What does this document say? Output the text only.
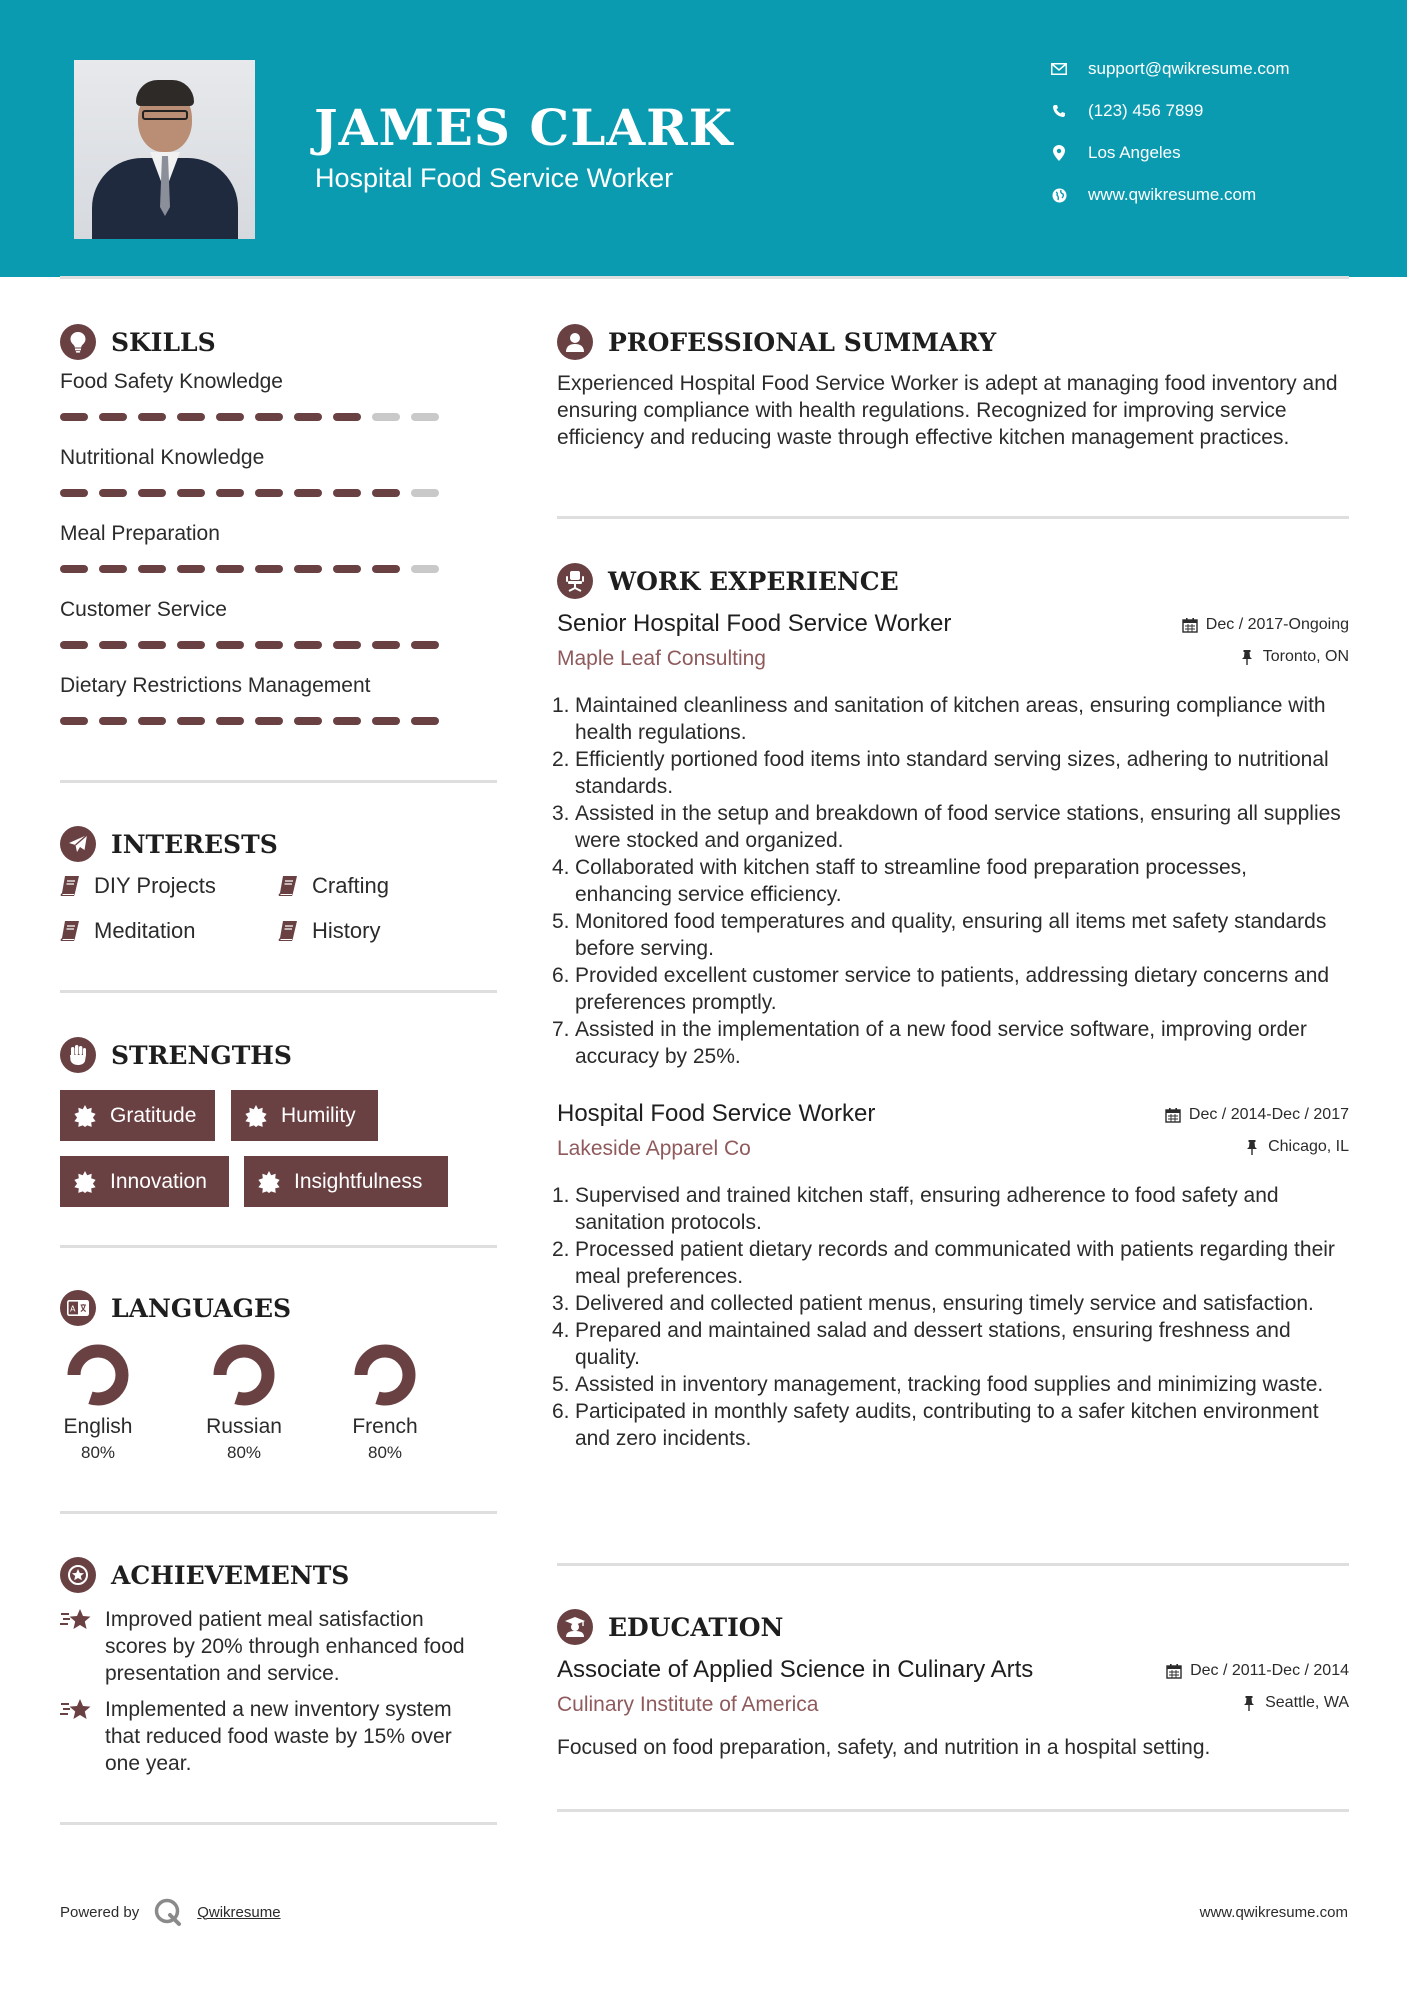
JAMES CLARK
Hospital Food Service Worker
support@qwikresume.com
(123) 456 7899
Los Angeles
www.qwikresume.com
SKILLS
Food Safety Knowledge
Nutritional Knowledge
Meal Preparation
Customer Service
Dietary Restrictions Management
INTERESTS
DIY Projects	Crafting
Meditation	History
STRENGTHS
Gratitude	Humility
Innovation	Insightfulness
A LANGUAGES
English
80%
Russian
80%
French
80%
ACHIEVEMENTS
Improved patient meal satisfaction scores by 20% through enhanced food presentation and service.
Implemented a new inventory system that reduced food waste by 15% over one year.
PROFESSIONAL SUMMARY
Experienced Hospital Food Service Worker is adept at managing food inventory and ensuring compliance with health regulations. Recognized for improving service efficiency and reducing waste through effective kitchen management practices.
WORK EXPERIENCE
Senior Hospital Food Service Worker
Maple Leaf Consulting
Dec / 2017-Ongoing
Toronto, ON
1. Maintained cleanliness and sanitation of kitchen areas, ensuring compliance with health regulations.
2. Efficiently portioned food items into standard serving sizes, adhering to nutritional standards.
3. Assisted in the setup and breakdown of food service stations, ensuring all supplies were stocked and organized.
4. Collaborated with kitchen staff to streamline food preparation processes, enhancing service efficiency.
5. Monitored food temperatures and quality, ensuring all items met safety standards before serving.
6. Provided excellent customer service to patients, addressing dietary concerns and preferences promptly.
7. Assisted in the implementation of a new food service software, improving order accuracy by 25%.
Hospital Food Service Worker
Lakeside Apparel Co
Dec / 2014-Dec / 2017
Chicago, IL
1. Supervised and trained kitchen staff, ensuring adherence to food safety and sanitation protocols.
2. Processed patient dietary records and communicated with patients regarding their meal preferences.
3. Delivered and collected patient menus, ensuring timely service and satisfaction.
4. Prepared and maintained salad and dessert stations, ensuring freshness and quality.
5. Assisted in inventory management, tracking food supplies and minimizing waste.
6. Participated in monthly safety audits, contributing to a safer kitchen environment and zero incidents.
EDUCATION
Associate of Applied Science in Culinary Arts
Culinary Institute of America
Dec / 2011-Dec / 2014
Seattle, WA
Focused on food preparation, safety, and nutrition in a hospital setting.
Powered by	Qwikresume	www.qwikresume.com
